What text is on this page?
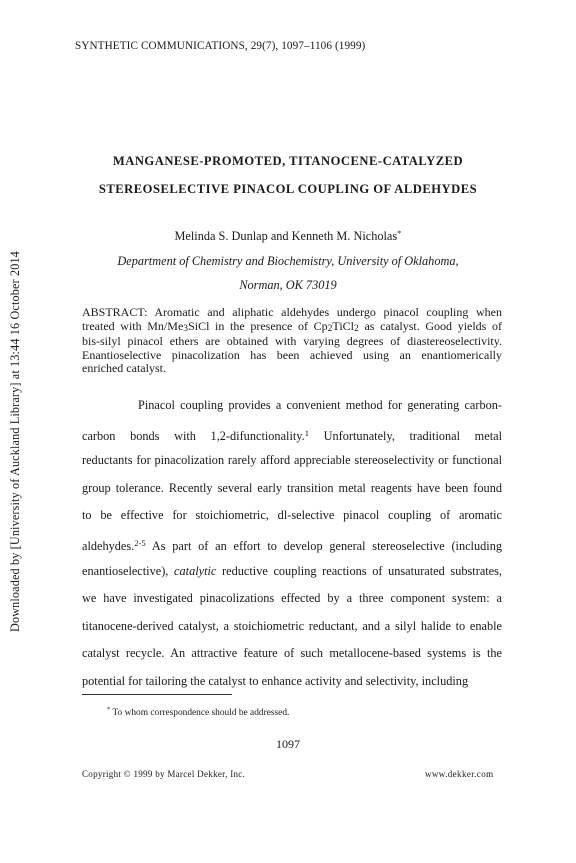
SYNTHETIC COMMUNICATIONS, 29(7), 1097–1106 (1999)
MANGANESE-PROMOTED, TITANOCENE-CATALYZED
STEREOSELECTIVE PINACOL COUPLING OF ALDEHYDES
Melinda S. Dunlap and Kenneth M. Nicholas*
Department of Chemistry and Biochemistry, University of Oklahoma,
Norman, OK 73019
ABSTRACT: Aromatic and aliphatic aldehydes undergo pinacol coupling when
treated with $Mn/Me_3SiCl$ in the presence of $Cp_2TiCl_2$ as catalyst. Good yields of
bis-silyl pinacol ethers are obtained with varying degrees of diastereoselectivity.
Enantioselective pinacolization has been achieved using an enantiomerically
enriched catalyst.
Pinacol coupling provides a convenient method for generating carbon-
carbon bonds with 1,2-difunctionality.$^1$ Unfortunately, traditional metal
reductants for pinacolization rarely afford appreciable stereoselectivity or functional
group tolerance. Recently several early transition metal reagents have been found
to be effective for stoichiometric, dl-selective pinacol coupling of aromatic
aldehydes.$^{2-5}$ As part of an effort to develop general stereoselective (including
enantioselective), catalytic reductive coupling reactions of unsaturated substrates,
we have investigated pinacolizations effected by a three component system: a
titanocene-derived catalyst, a stoichiometric reductant, and a silyl halide to enable
catalyst recycle. An attractive feature of such metallocene-based systems is the
potential for tailoring the catalyst to enhance activity and selectivity, including
* To whom correspondence should be addressed.
1097
Copyright © 1999 by Marcel Dekker, Inc.	www.dekker.com
Downloaded by [University of Auckland Library] at 13:44 16 October 2014
